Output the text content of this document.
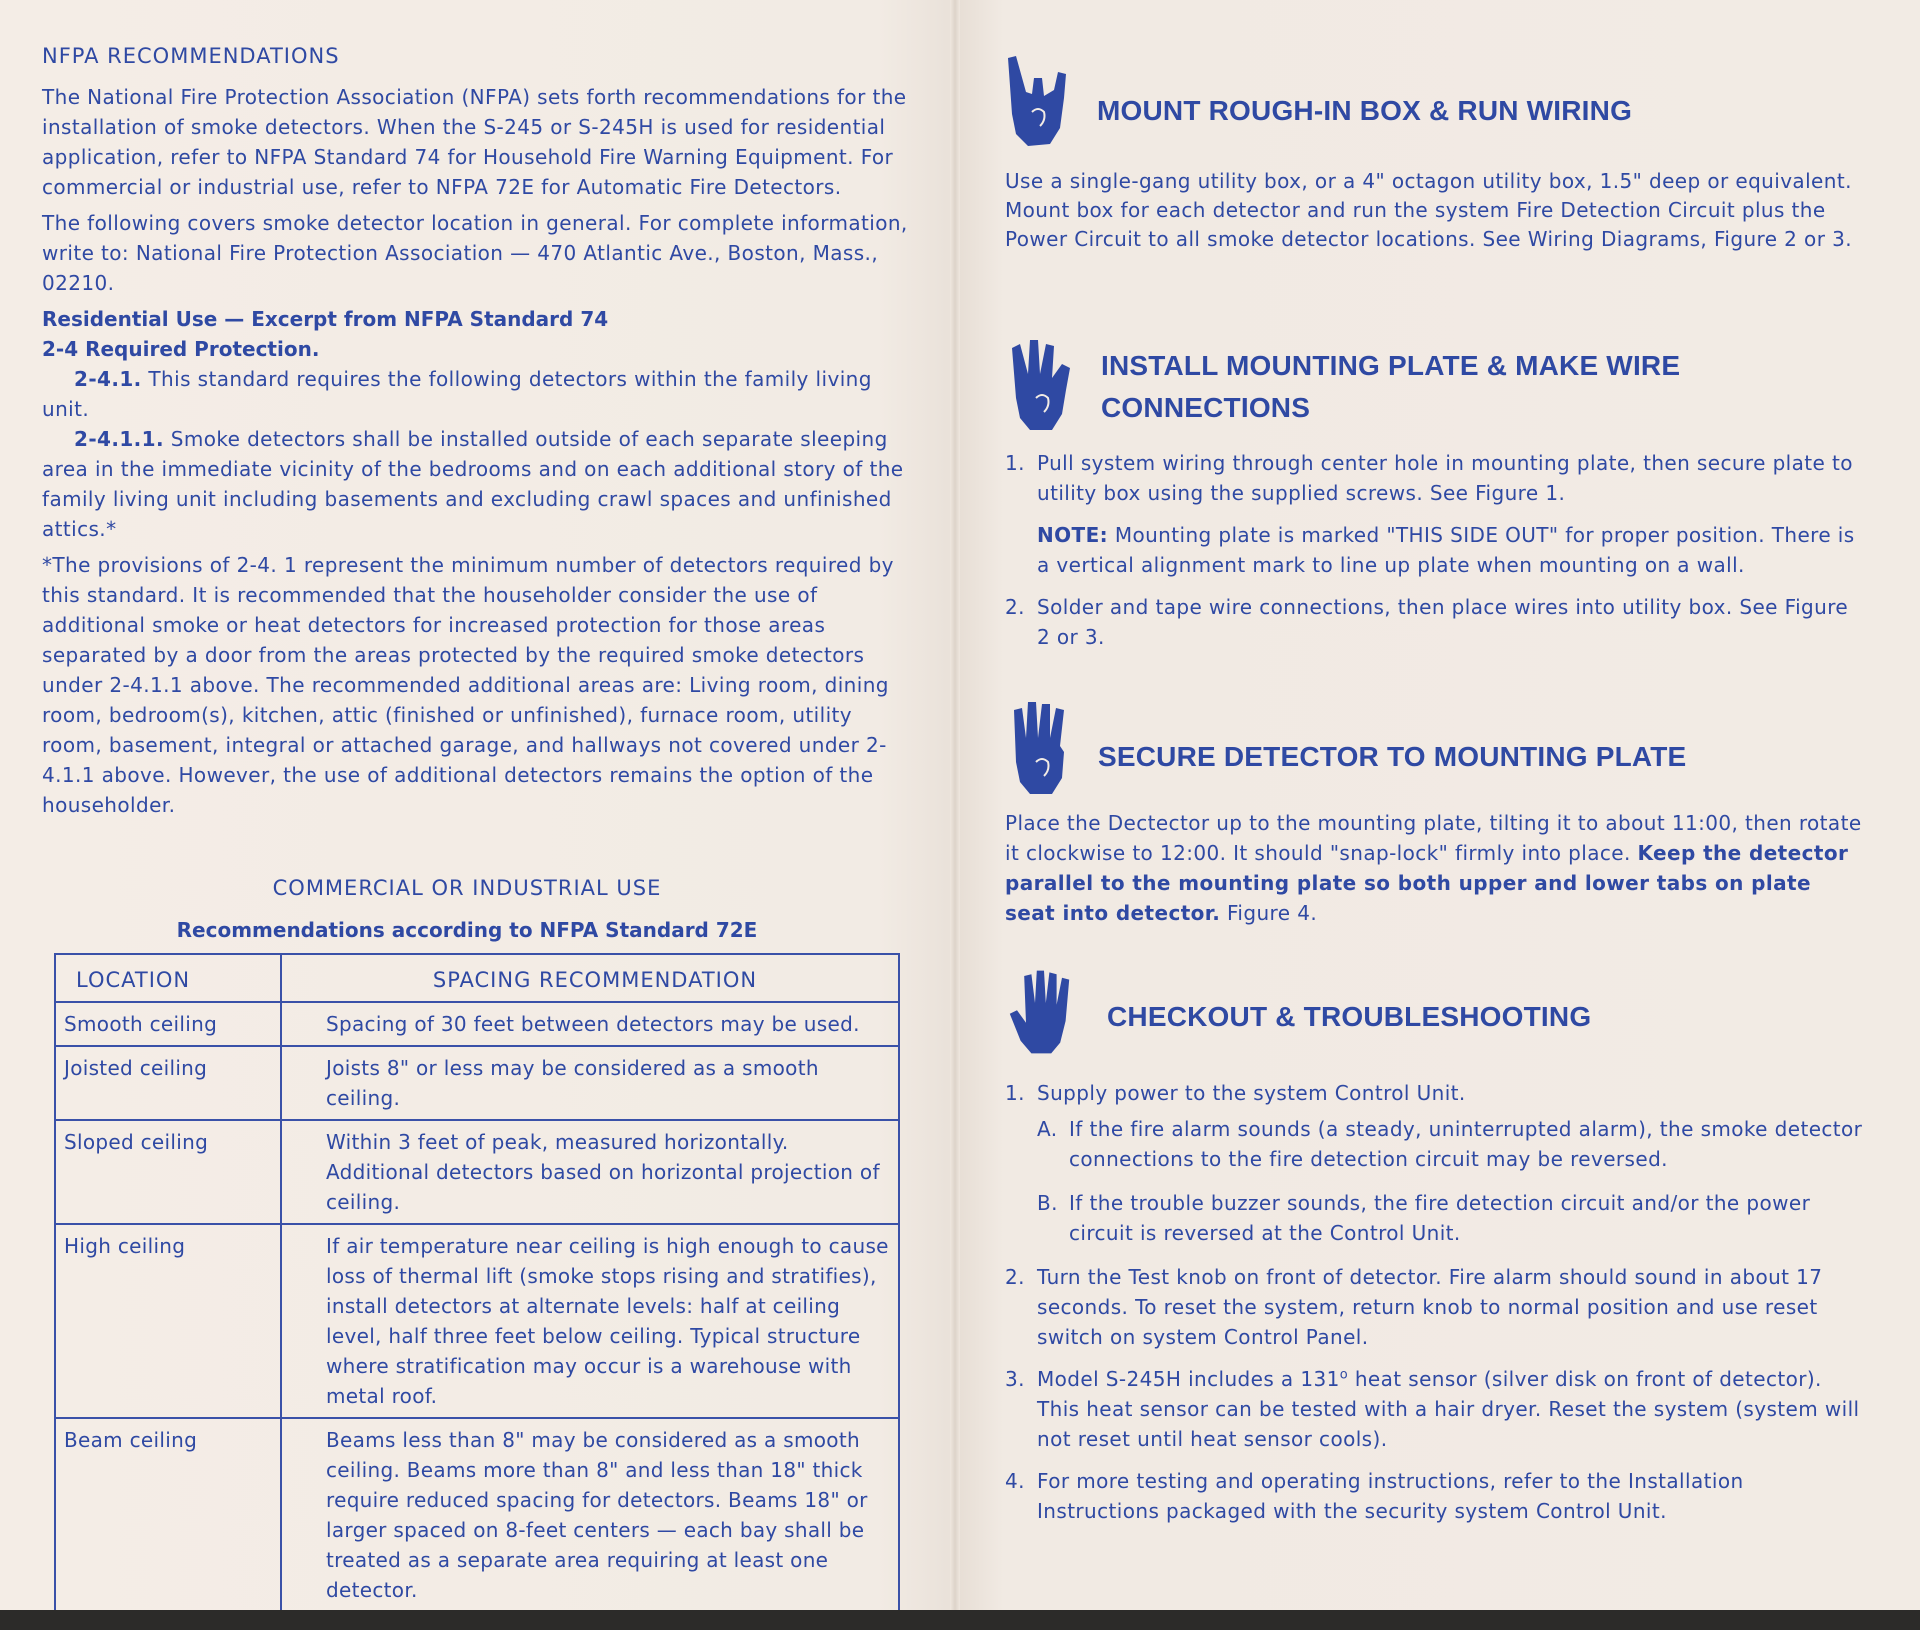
NFPA RECOMMENDATIONS

The National Fire Protection Association (NFPA) sets forth recommendations for the installation of smoke detectors. When the S-245 or S-245H is used for residential application, refer to NFPA Standard 74 for Household Fire Warning Equipment. For commercial or industrial use, refer to NFPA 72E for Automatic Fire Detectors.

The following covers smoke detector location in general. For complete information, write to: National Fire Protection Association — 470 Atlantic Ave., Boston, Mass., 02210.

Residential Use — Excerpt from NFPA Standard 74

2-4 Required Protection.

2-4.1. This standard requires the following detectors within the family living unit.

2-4.1.1. Smoke detectors shall be installed outside of each separate sleeping area in the immediate vicinity of the bedrooms and on each additional story of the family living unit including basements and excluding crawl spaces and unfinished attics.*

*The provisions of 2-4. 1 represent the minimum number of detectors required by this standard. It is recommended that the householder consider the use of additional smoke or heat detectors for increased protection for those areas separated by a door from the areas protected by the required smoke detectors under 2-4.1.1 above. The recommended additional areas are: Living room, dining room, bedroom(s), kitchen, attic (finished or unfinished), furnace room, utility room, basement, integral or attached garage, and hallways not covered under 2-4.1.1 above. However, the use of additional detectors remains the option of the householder.

COMMERCIAL OR INDUSTRIAL USE
Recommendations according to NFPA Standard 72E
LOCATION	SPACING RECOMMENDATION
Smooth ceiling	Spacing of 30 feet between detectors may be used.
Joisted ceiling	Joists 8" or less may be considered as a smooth ceiling.
Sloped ceiling	Within 3 feet of peak, measured horizontally. Additional detectors based on horizontal projection of ceiling.
High ceiling	If air temperature near ceiling is high enough to cause loss of thermal lift (smoke stops rising and stratifies), install detectors at alternate levels: half at ceiling level, half three feet below ceiling. Typical structure where stratification may occur is a warehouse with metal roof.
Beam ceiling	Beams less than 8" may be considered as a smooth ceiling. Beams more than 8" and less than 18" thick require reduced spacing for detectors. Beams 18" or larger spaced on 8-feet centers — each bay shall be treated as a separate area requiring at least one detector.
MOUNT ROUGH-IN BOX & RUN WIRING

Use a single-gang utility box, or a 4" octagon utility box, 1.5" deep or equivalent. Mount box for each detector and run the system Fire Detection Circuit plus the Power Circuit to all smoke detector locations. See Wiring Diagrams, Figure 2 or 3.

INSTALL MOUNTING PLATE & MAKE WIRE
CONNECTIONS
1. Pull system wiring through center hole in mounting plate, then secure plate to utility box using the supplied screws. See Figure 1.

NOTE: Mounting plate is marked "THIS SIDE OUT" for proper position. There is a vertical alignment mark to line up plate when mounting on a wall.

2. Solder and tape wire connections, then place wires into utility box. See Figure 2 or 3.
SECURE DETECTOR TO MOUNTING PLATE

Place the Dectector up to the mounting plate, tilting it to about 11:00, then rotate it clockwise to 12:00. It should "snap-lock" firmly into place. Keep the detector parallel to the mounting plate so both upper and lower tabs on plate seat into detector. Figure 4.

CHECKOUT & TROUBLESHOOTING
1. Supply power to the system Control Unit.
A. If the fire alarm sounds (a steady, uninterrupted alarm), the smoke detector connections to the fire detection circuit may be reversed.
B. If the trouble buzzer sounds, the fire detection circuit and/or the power circuit is reversed at the Control Unit.
2. Turn the Test knob on front of detector. Fire alarm should sound in about 17 seconds. To reset the system, return knob to normal position and use reset switch on system Control Panel.
3. Model S-245H includes a 131$^o$ heat sensor (silver disk on front of detector). This heat sensor can be tested with a hair dryer. Reset the system (system will not reset until heat sensor cools).
4. For more testing and operating instructions, refer to the Installation Instructions packaged with the security system Control Unit.
